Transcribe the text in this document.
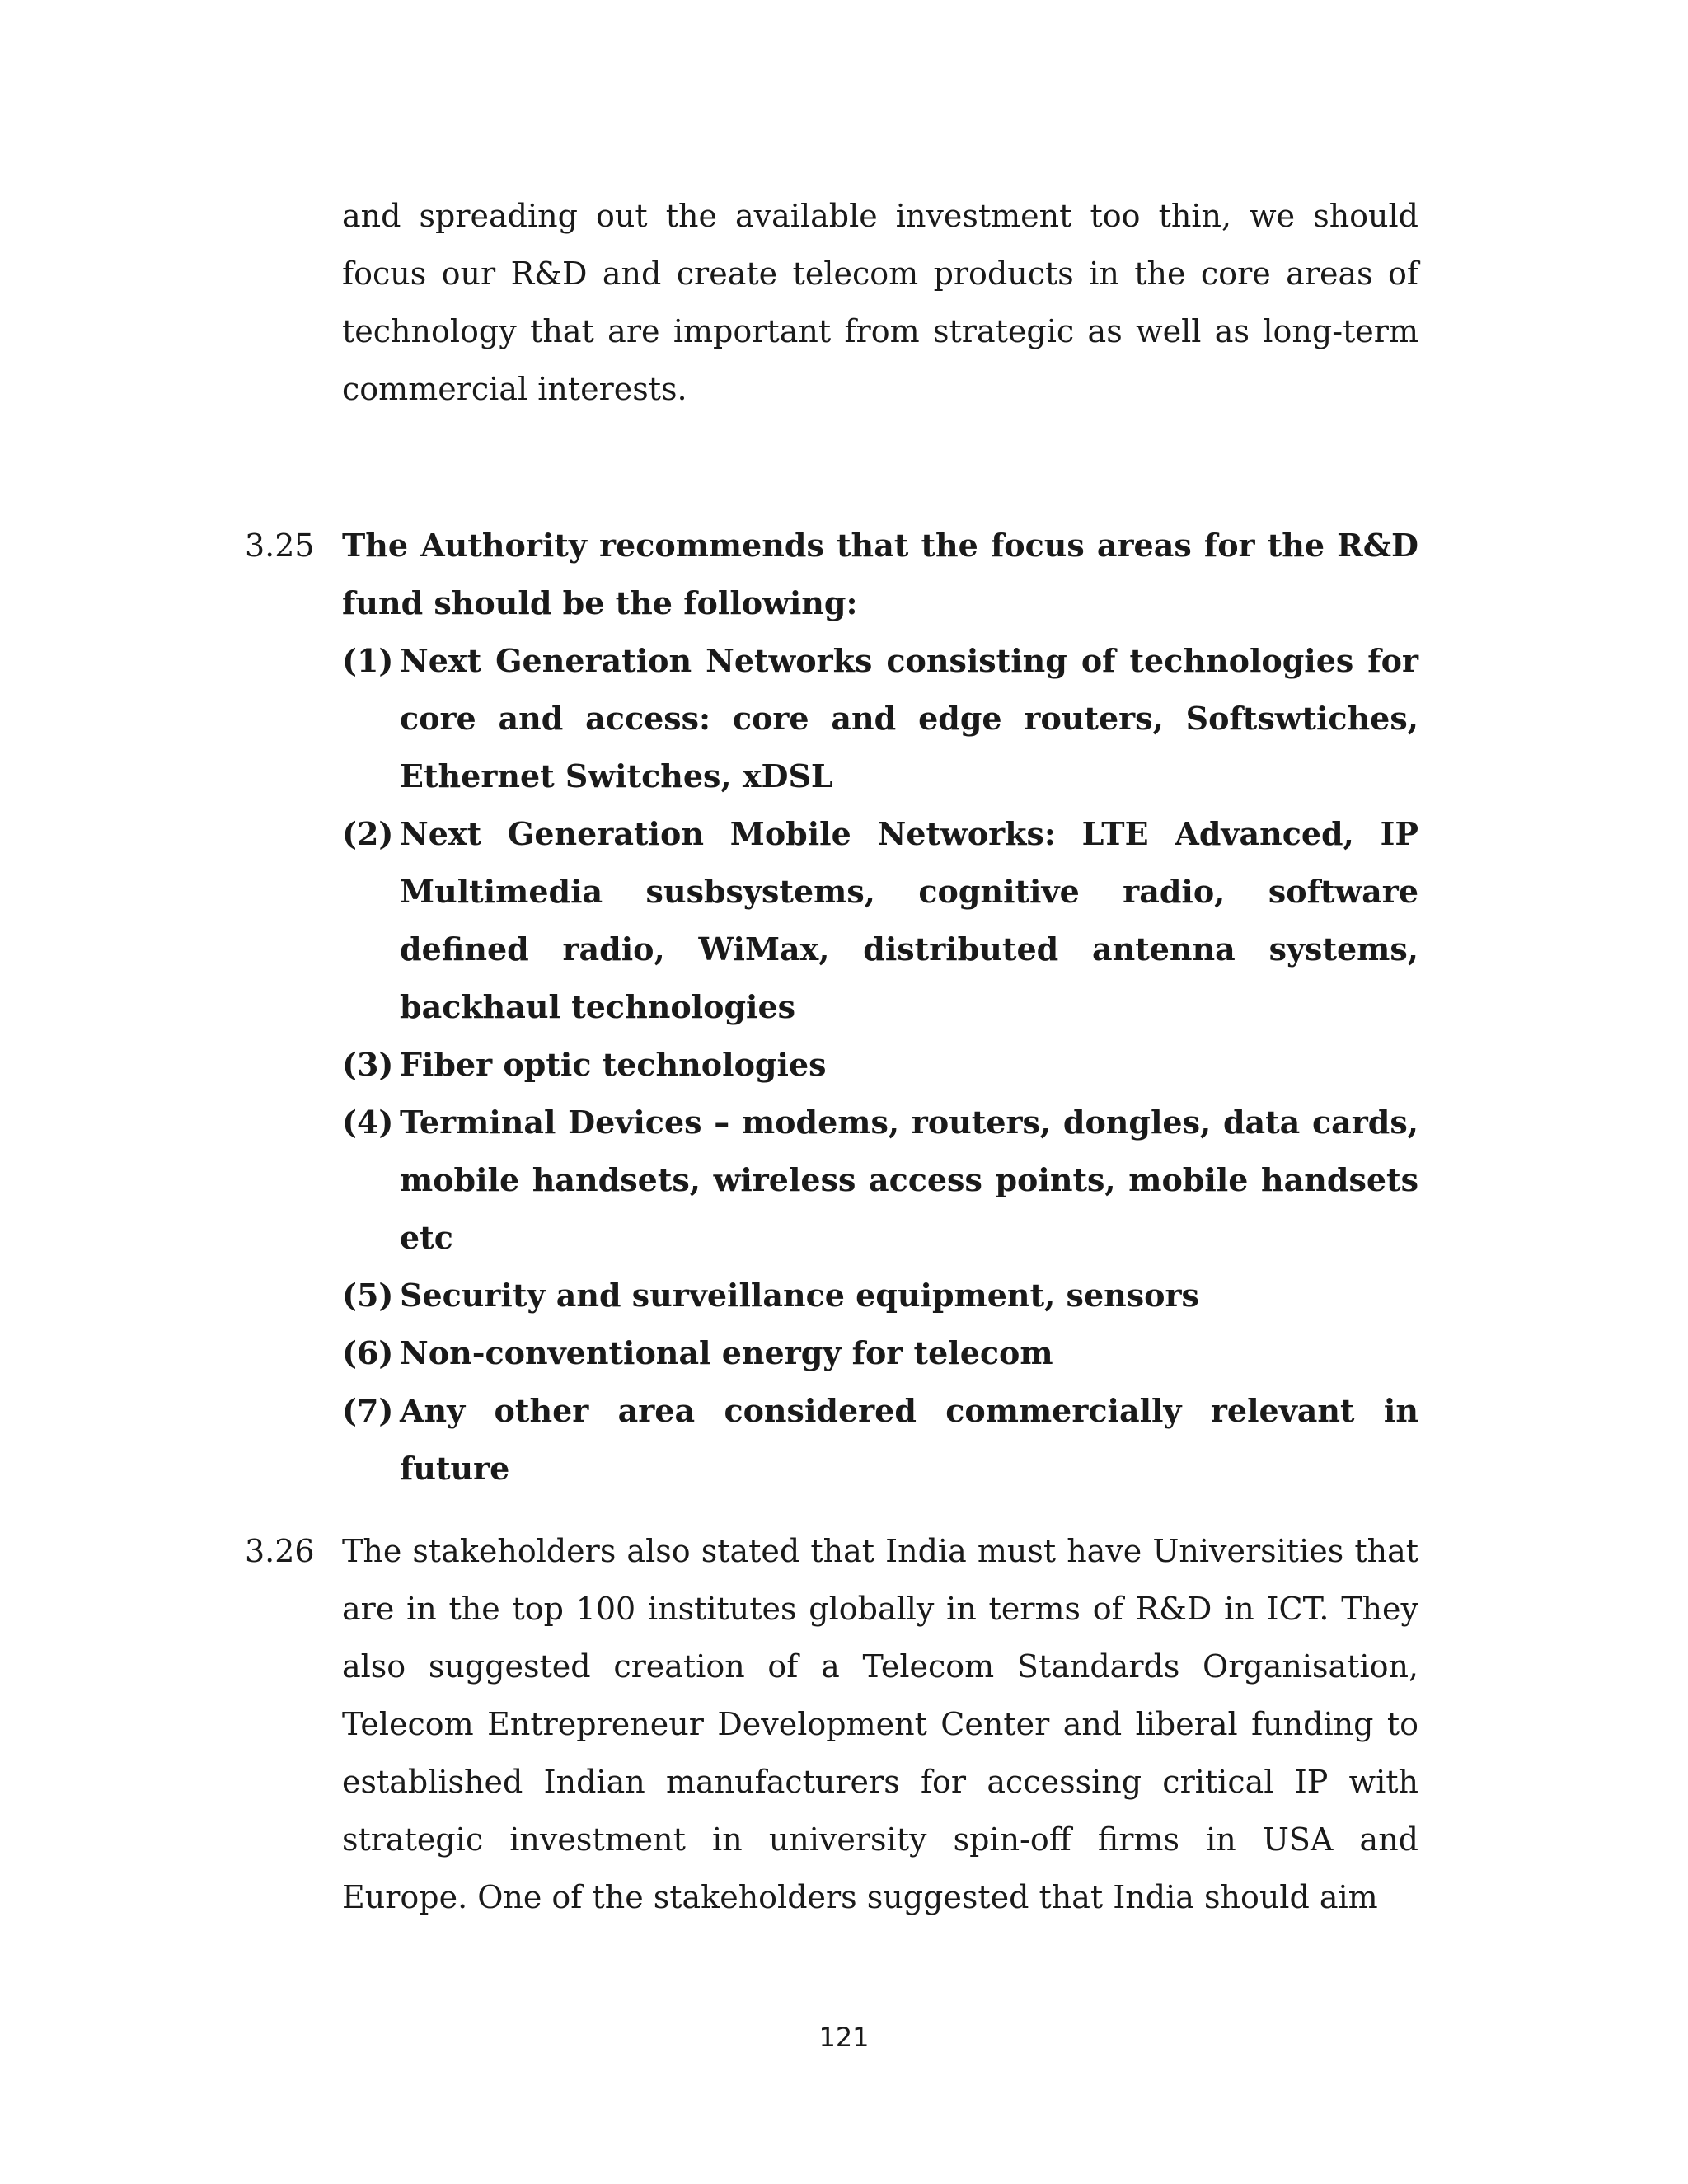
and spreading out the available investment too thin, we should focus our R&D and create telecom products in the core areas of technology that are important from strategic as well as long-term commercial interests.

3.25 The Authority recommends that the focus areas for the R&D fund should be the following:

(1) Next Generation Networks consisting of technologies for core and access: core and edge routers, Softswtiches, Ethernet Switches, xDSL
(2) Next Generation Mobile Networks: LTE Advanced, IP Multimedia susbsystems, cognitive radio, software defined radio, WiMax, distributed antenna systems, backhaul technologies
(3) Fiber optic technologies
(4) Terminal Devices – modems, routers, dongles, data cards, mobile handsets, wireless access points, mobile handsets etc
(5) Security and surveillance equipment, sensors
(6) Non-conventional energy for telecom
(7) Any other area considered commercially relevant in future
3.26 The stakeholders also stated that India must have Universities that are in the top 100 institutes globally in terms of R&D in ICT. They also suggested creation of a Telecom Standards Organisation, Telecom Entrepreneur Development Center and liberal funding to established Indian manufacturers for accessing critical IP with strategic investment in university spin-off firms in USA and Europe. One of the stakeholders suggested that India should aim

121
